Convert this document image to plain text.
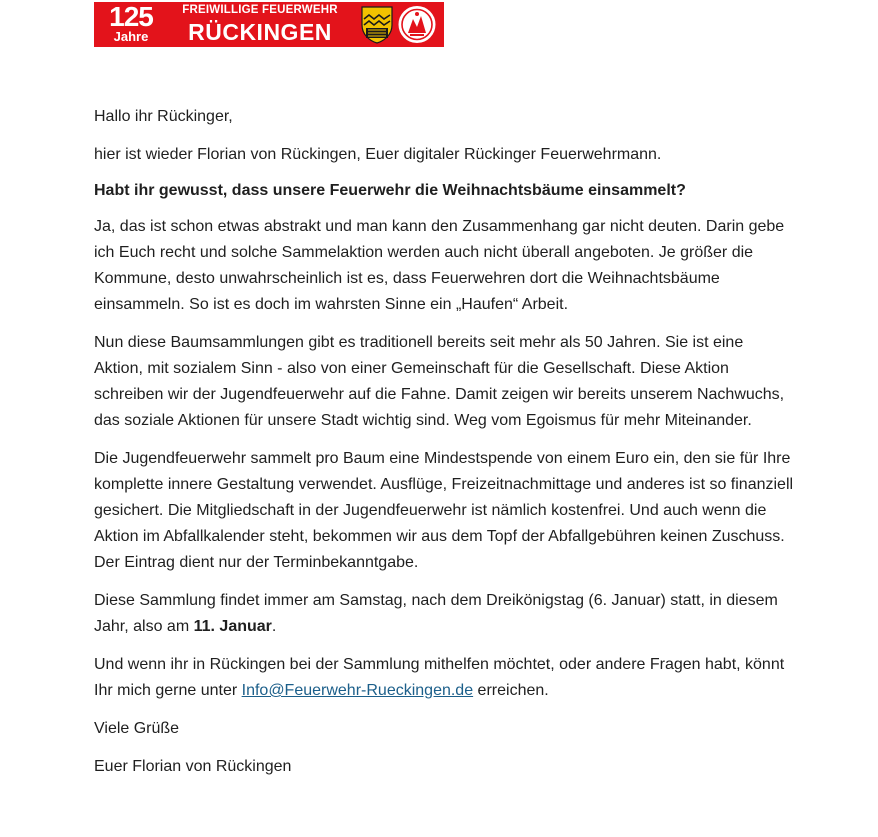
125
Jahre
FREIWILLIGE FEUERWEHR
RÜCKINGEN

Hallo ihr Rückinger,

hier ist wieder Florian von Rückingen, Euer digitaler Rückinger Feuerwehrmann.

Habt ihr gewusst, dass unsere Feuerwehr die Weihnachtsbäume einsammelt?

Ja, das ist schon etwas abstrakt und man kann den Zusammenhang gar nicht deuten. Darin gebe ich Euch recht und solche Sammelaktion werden auch nicht überall angeboten. Je größer die Kommune, desto unwahrscheinlich ist es, dass Feuerwehren dort die Weihnachtsbäume einsammeln. So ist es doch im wahrsten Sinne ein „Haufen“ Arbeit.

Nun diese Baumsammlungen gibt es traditionell bereits seit mehr als 50 Jahren. Sie ist eine Aktion, mit sozialem Sinn - also von einer Gemeinschaft für die Gesellschaft. Diese Aktion schreiben wir der Jugendfeuerwehr auf die Fahne. Damit zeigen wir bereits unserem Nachwuchs, das soziale Aktionen für unsere Stadt wichtig sind. Weg vom Egoismus für mehr Miteinander.

Die Jugendfeuerwehr sammelt pro Baum eine Mindestspende von einem Euro ein, den sie für Ihre komplette innere Gestaltung verwendet. Ausflüge, Freizeitnachmittage und anderes ist so finanziell gesichert. Die Mitgliedschaft in der Jugendfeuerwehr ist nämlich kostenfrei. Und auch wenn die Aktion im Abfallkalender steht, bekommen wir aus dem Topf der Abfallgebühren keinen Zuschuss. Der Eintrag dient nur der Terminbekanntgabe.

Diese Sammlung findet immer am Samstag, nach dem Dreikönigstag (6. Januar) statt, in diesem Jahr, also am 11. Januar.

Und wenn ihr in Rückingen bei der Sammlung mithelfen möchtet, oder andere Fragen habt, könnt Ihr mich gerne unter Info@Feuerwehr-Rueckingen.de erreichen.

Viele Grüße

Euer Florian von Rückingen
